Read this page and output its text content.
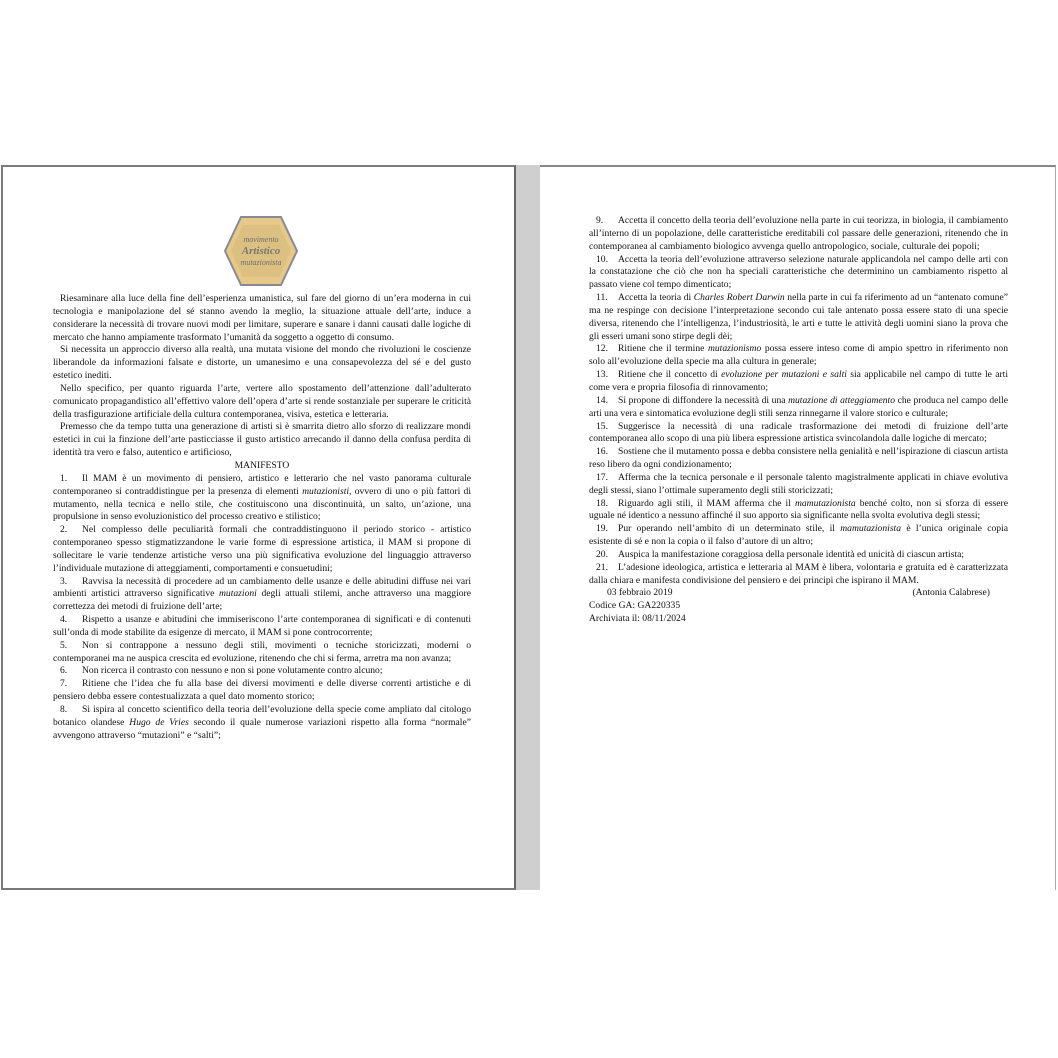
movimento
Artistico
mutazionista

Riesaminare alla luce della fine dell’esperienza umanistica, sul fare del giorno di un’era moderna in cui tecnologia e manipolazione del sé stanno avendo la meglio, la situazione attuale dell’arte, induce a considerare la necessità di trovare nuovi modi per limitare, superare e sanare i danni causati dalle logiche di mercato che hanno ampiamente trasformato l’umanità da soggetto a oggetto di consumo.

Si necessita un approccio diverso alla realtà, una mutata visione del mondo che rivoluzioni le coscienze liberandole da informazioni falsate e distorte, un umanesimo e una consapevolezza del sé e del gusto estetico inediti.

Nello specifico, per quanto riguarda l’arte, vertere allo spostamento dell’attenzione dall’adulterato comunicato propagandistico all’effettivo valore dell’opera d’arte si rende sostanziale per superare le criticità della trasfigurazione artificiale della cultura contemporanea, visiva, estetica e letteraria.

Premesso che da tempo tutta una generazione di artisti si è smarrita dietro allo sforzo di realizzare mondi estetici in cui la finzione dell’arte pasticciasse il gusto artistico arrecando il danno della confusa perdita di identità tra vero e falso, autentico e artificioso,

MANIFESTO

1. Il MAM è un movimento di pensiero, artistico e letterario che nel vasto panorama culturale contemporaneo si contraddistingue per la presenza di elementi mutazionisti, ovvero di uno o più fattori di mutamento, nella tecnica e nello stile, che costituiscono una discontinuità, un salto, un’azione, una propulsione in senso evoluzionistico del processo creativo e stilistico;

2. Nel complesso delle peculiarità formali che contraddistinguono il periodo storico - artistico contemporaneo spesso stigmatizzandone le varie forme di espressione artistica, il MAM si propone di sollecitare le varie tendenze artistiche verso una più significativa evoluzione del linguaggio attraverso l’individuale mutazione di atteggiamenti, comportamenti e consuetudini;

3. Ravvisa la necessità di procedere ad un cambiamento delle usanze e delle abitudini diffuse nei vari ambienti artistici attraverso significative mutazioni degli attuali stilemi, anche attraverso una maggiore correttezza dei metodi di fruizione dell’arte;

4. Rispetto a usanze e abitudini che immiseriscono l’arte contemporanea di significati e di contenuti sull’onda di mode stabilite da esigenze di mercato, il MAM si pone controcorrente;

5. Non si contrappone a nessuno degli stili, movimenti o tecniche storicizzati, moderni o contemporanei ma ne auspica crescita ed evoluzione, ritenendo che chi si ferma, arretra ma non avanza;

6. Non ricerca il contrasto con nessuno e non si pone volutamente contro alcuno;

7. Ritiene che l’idea che fu alla base dei diversi movimenti e delle diverse correnti artistiche e di pensiero debba essere contestualizzata a quel dato momento storico;

8. Si ispira al concetto scientifico della teoria dell’evoluzione della specie come ampliato dal citologo botanico olandese Hugo de Vries secondo il quale numerose variazioni rispetto alla forma “normale” avvengono attraverso “mutazioni” e “salti”;

9. Accetta il concetto della teoria dell’evoluzione nella parte in cui teorizza, in biologia, il cambiamento all’interno di un popolazione, delle caratteristiche ereditabili col passare delle generazioni, ritenendo che in contemporanea al cambiamento biologico avvenga quello antropologico, sociale, culturale dei popoli;

10. Accetta la teoria dell’evoluzione attraverso selezione naturale applicandola nel campo delle arti con la constatazione che ciò che non ha speciali caratteristiche che determinino un cambiamento rispetto al passato viene col tempo dimenticato;

11. Accetta la teoria di Charles Robert Darwin nella parte in cui fa riferimento ad un “antenato comune” ma ne respinge con decisione l’interpretazione secondo cui tale antenato possa essere stato di una specie diversa, ritenendo che l’intelligenza, l’industriosità, le arti e tutte le attività degli uomini siano la prova che gli esseri umani sono stirpe degli dèi;

12. Ritiene che il termine mutazionismo possa essere inteso come di ampio spettro in riferimento non solo all’evoluzione della specie ma alla cultura in generale;

13. Ritiene che il concetto di evoluzione per mutazioni e salti sia applicabile nel campo di tutte le arti come vera e propria filosofia di rinnovamento;

14. Si propone di diffondere la necessità di una mutazione di atteggiamento che produca nel campo delle arti una vera e sintomatica evoluzione degli stili senza rinnegarne il valore storico e culturale;

15. Suggerisce la necessità di una radicale trasformazione dei metodi di fruizione dell’arte contemporanea allo scopo di una più libera espressione artistica svincolandola dalle logiche di mercato;

16. Sostiene che il mutamento possa e debba consistere nella genialità e nell’ispirazione di ciascun artista reso libero da ogni condizionamento;

17. Afferma che la tecnica personale e il personale talento magistralmente applicati in chiave evolutiva degli stessi, siano l’ottimale superamento degli stili storicizzati;

18. Riguardo agli stili, il MAM afferma che il mamutazionista benché colto, non si sforza di essere uguale né identico a nessuno affinché il suo apporto sia significante nella svolta evolutiva degli stessi;

19. Pur operando nell’ambito di un determinato stile, il mamutazionista è l’unica originale copia esistente di sé e non la copia o il falso d’autore di un altro;

20. Auspica la manifestazione coraggiosa della personale identità ed unicità di ciascun artista;

21. L’adesione ideologica, artistica e letteraria al MAM è libera, volontaria e gratuita ed è caratterizzata dalla chiara e manifesta condivisione del pensiero e dei principi che ispirano il MAM.

03 febbraio 2019	(Antonia Calabrese)

Codice GA: GA220335

Archiviata il: 08/11/2024
